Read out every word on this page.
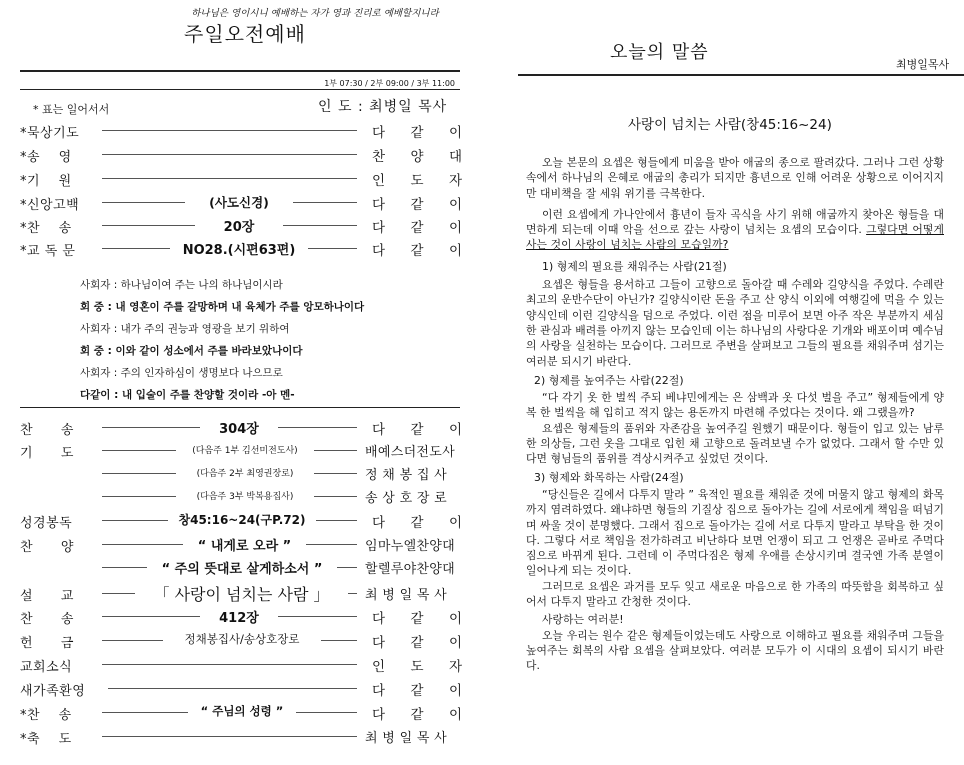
하나님은 영이시니 예배하는 자가 영과 진리로 예배할지니라
주일오전예배
1부 07:30 / 2부 09:00 / 3부 11:00
* 표는 일어서서	인 도 : 최병일 목사
*묵상기도	다 같 이
*송    영	찬 양 대
*기    원	인 도 자
*신앙고백	(사도신경)	다 같 이
*찬    송	20장	다 같 이
*교 독 문	NO28.(시편63편)	다 같 이
사회자 : 하나님이여 주는 나의 하나님이시라
회 중 : 내 영혼이 주를 갈망하며 내 육체가 주를 앙모하나이다
사회자 : 내가 주의 권능과 영광을 보기 위하여
회 중 : 이와 같이 성소에서 주를 바라보았나이다
사회자 : 주의 인자하심이 생명보다 나으므로
다같이 : 내 입술이 주를 찬양할 것이라 -아 멘-
찬      송	304장	다 같 이
기      도	(다음주 1부 김선미전도사)	배예스더전도사
(다음주 2부 최영권장로)	정 채 봉 집 사
(다음주 3부 박복용집사)	송 상 호 장 로
성경봉독	창45:16~24(구P.72)	다 같 이
찬      양	“ 내게로 오라 ”	임마누엘찬양대
“ 주의 뜻대로 살게하소서 ”	할렐루야찬양대
설      교	「 사랑이 넘치는 사람 」	최 병 일 목 사
찬      송	412장	다 같 이
헌      금	정채봉집사/송상호장로	다 같 이
교회소식	인 도 자
새가족환영	다 같 이
*찬    송	“ 주님의 성령 ”	다 같 이
*축    도	최 병 일 목 사
오늘의 말씀
최병일목사
사랑이 넘치는 사람(창45:16~24)

오늘 본문의 요셉은 형들에게 미움을 받아 애굽의 종으로 팔려갔다. 그러나 그런 상황 속에서 하나님의 은혜로 애굽의 총리가 되지만 흉년으로 인해 어려운 상황으로 이어지지만 대비책을 잘 세워 위기를 극복한다.

이런 요셉에게 가나안에서 흉년이 들자 곡식을 사기 위해 애굽까지 찾아온 형들을 대면하게 되는데 이때 악을 선으로 갚는 사랑이 넘치는 요셉의 모습이다. 그렇다면 어떻게 사는 것이 사랑이 넘치는 사람의 모습일까?

1) 형제의 필요를 채워주는 사람(21절)

요셉은 형들을 용서하고 그들이 고향으로 돌아갈 때 수레와 길양식을 주었다. 수레란 최고의 운반수단이 아닌가? 길양식이란 돈을 주고 산 양식 이외에 여행길에 먹을 수 있는 양식인데 이런 길양식을 덤으로 주었다. 이런 점을 미루어 보면 아주 작은 부분까지 세심한 관심과 배려를 아끼지 않는 모습인데 이는 하나님의 사랑다운 기개와 배포이며 예수님의 사랑을 실천하는 모습이다. 그러므로 주변을 살펴보고 그들의 필요를 채워주며 섬기는 여러분 되시기 바란다.

2) 형제를 높여주는 사람(22절)

“다 각기 옷 한 벌씩 주되 베냐민에게는 은 삼백과 옷 다섯 벌을 주고” 형제들에게 양복 한 벌씩을 해 입히고 적지 않는 용돈까지 마련해 주었다는 것이다. 왜 그랬을까?

요셉은 형제들의 품위와 자존감을 높여주길 원했기 때문이다. 형들이 입고 있는 남루한 의상들, 그런 옷을 그대로 입힌 채 고향으로 돌려보낼 수가 없었다. 그래서 할 수만 있다면 형님들의 품위를 격상시켜주고 싶었던 것이다.

3) 형제와 화목하는 사람(24절)

“당신들은 길에서 다투지 말라 ” 육적인 필요를 채워준 것에 머물지 않고 형제의 화목까지 염려하였다. 왜냐하면 형들의 기질상 집으로 돌아가는 길에 서로에게 책임을 떠넘기며 싸울 것이 분명했다. 그래서 집으로 돌아가는 길에 서로 다투지 말라고 부탁을 한 것이다. 그렇다 서로 책임을 전가하려고 비난하다 보면 언쟁이 되고 그 언쟁은 곧바로 주먹다짐으로 바뀌게 된다. 그런데 이 주먹다짐은 형제 우애를 손상시키며 결국엔 가족 분열이 일어나게 되는 것이다.

그러므로 요셉은 과거를 모두 잊고 새로운 마음으로 한 가족의 따뜻함을 회복하고 싶어서 다투지 말라고 간청한 것이다.

사랑하는 여러분!

오늘 우리는 원수 같은 형제들이었는데도 사랑으로 이해하고 필요를 채워주며 그들을 높여주는 회복의 사람 요셉을 살펴보았다. 여러분 모두가 이 시대의 요셉이 되시기 바란다.
